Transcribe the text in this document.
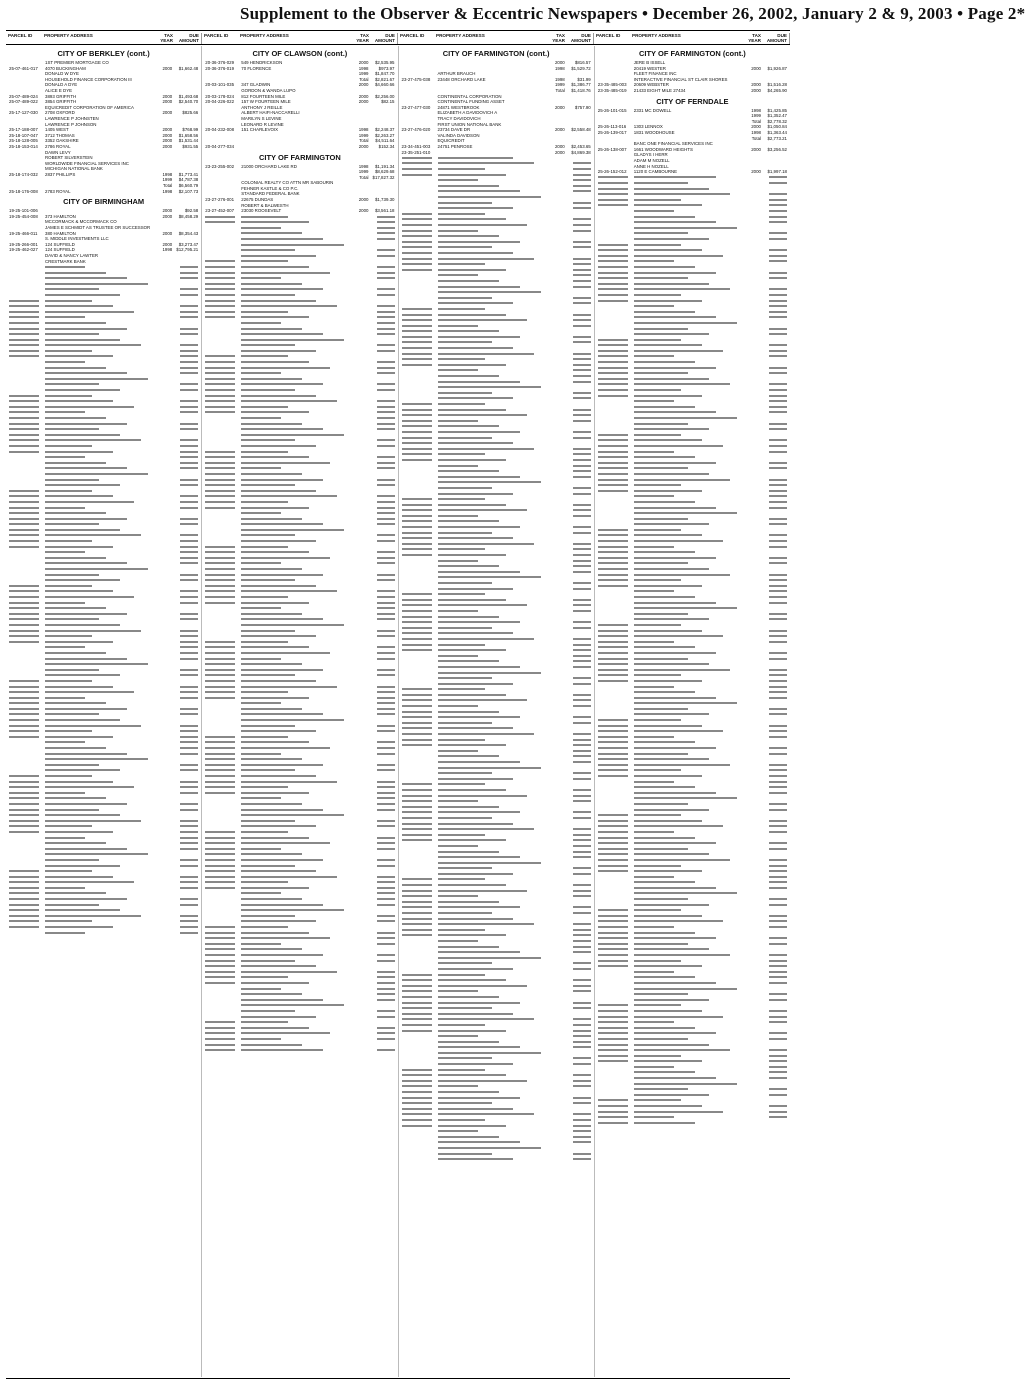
Supplement to the Observer & Eccentric Newspapers • December 26, 2002, January 2 & 9, 2003 • Page 2*
PARCEL ID	PROPERTY ADDRESS	TAX YEAR
DUE AMOUNT
PARCEL ID	PROPERTY ADDRESS	TAX YEAR
DUE AMOUNT
PARCEL ID	PROPERTY ADDRESS	TAX YEAR
DUE AMOUNT
PARCEL ID	PROPERTY ADDRESS	TAX YEAR
DUE AMOUNT
CITY OF BERKLEY (cont.)
1ST PREMIER MORTGAGE CO
25-07-461-017	4070 BUCKINGHAM	2000	$1,662.48
DONALD W DYE
HOUSEHOLD FINANCE CORPORATION III
DONALD A DYE
ALICE E DYE
25-07-489-024	3893 GRIFFITH	2000	$1,493.68
25-07-489-022	3854 GRIFFITH	2000	$2,540.70
EQUICREDIT CORPORATION OF AMERICA
25-17-127-030	2708 OXFORD	2000	$825.66
LAWRENCE P JOHNSTEN
LAWRENCE P JOHNSON
25-17-188-007	1405 WEST	2000	$768.99
25-18-107-047	3712 THOMAS	2000	$1,658.56
25-18-128-005	3352 OAKSHIRE	2000	$1,531.44
25-18-153-014	2786 ROYAL	2000	$931.55
DAWN LEVY
ROBERT SILVERSTEIN
WORLDWIDE FINANCIAL SERVICES INC
MICHIGAN NATIONAL BANK
25-18-174-032	2837 PHILLIPS	1998	$1,773.41
1999	$4,787.38
Total	$6,560.79
25-18-176-008	2783 ROYAL	1998	$2,107.73
CITY OF BIRMINGHAM
19-25-101-006	2000	$92.58
19-25-454-008	373 HAMILTON	2000	$8,458.29
MCCORMACK & MCCORMACK CO
JAMES E SCHMIDT AS TRUSTEE OR SUCCESSOR
19-25-466-011	380 HAMILTON	2000	$8,354.43
S. MIDDLE INVESTMENTS LLC
19-25-266-001	124 SUFFIELD	2000	$3,273.47
19-25-462-027	124 SUFFIELD	1998 $12,795.21
DAVID & NANCY LAWTER
CRESTMARK BANK
CITY OF CLAWSON (cont.)
20-36-376-029	549 HENDRICKSON	2000	$2,535.95
20-36-376-019	70 FLORENCE	1998	$973.97
1999	$1,847.70
Total	$2,821.67
20-03-101-035	347 GLADWIN	2000	$4,660.66
GORDON & WANDA LUPO
20-03-178-024	812 FOURTEEN MILE	2000	$2,256.00
20-04-226-022	157 W FOURTEEN MILE	2000	$82.15
ANTHONY J REILLE
ALBERT HAIFI-NACCARELLI
MARILYN S LEVINE
LEONARD R LEVINE
20-04-232-008	151 CHARLEVOIX	1998	$2,248.37
1999	$2,263.27
Total	$4,511.64
20-04-277-034	2000	$152.34
CITY OF FARMINGTON
23-23-255-002	21000 ORCHARD LAKE RD	1998	$1,191.34
1999	$8,629.68
Total $17,827.32
COLONIAL REALTY CO ATTN MR SABOURIN
FEHNER KASTLE & CO P.C.
STANDARD FEDERAL BANK
23-27-276-001	22675 DUNDAS	2000	$1,739.30
ROBERT & BALWESTH
23-27-452-007	23030 ROOSEVELT	2000	$3,561.18
CITY OF FARMINGTON (cont.)
2000	$816.57
1998	$1,529.72
ARTHUR BRAUCH
23-27-475-038	23448 ORCHARD LAKE	1998	$31.99
1999	$1,386.77
Total	$1,418.76
CONTINENTAL CORPORATION
CONTINENTAL FUNDING ASSET
23-27-477-030	24871 WESTBROOK	2000	$757.90
ELIZABETH A DAVIDOVICH A
TRACY DAVIDOVICH
FIRST UNION NATIONAL BANK
23-27-476-020	23734 DAVE DR	2000	$2,558.48
VALINDA DAVIDSON
EQUICREDIT
23-34-451-003	24751 PENROSE	2000	$2,453.65
23-35-251-010	2000	$4,869.38
CITY OF FARMINGTON (cont.)
JERE B ISSELL
20419 WESTER	2000	$1,926.87
FLEET FINANCE INC
INTERACTIVE FINANCIAL ST CLAIR SHORES
23-35-485-003	20609 WEBSTER	2000	$1,516.28
23-35-485-019	21433 EIGHT MILE 27434	2000	$4,265.90
CITY OF FERNDALE
25-26-101-015	2331 MC DOWELL	1998	$1,425.85
1999	$1,352.47
Total	$2,778.32
25-26-113-016	1303 LENNOX	2000	$1,050.84
25-26-139-017	1831 WOODHOUSE	1998	$1,363.44
Total	$2,773.21
BANC ONE FINANCIAL SERVICES INC
25-26-138-007	1661 WOODWARD HEIGHTS	2000	$3,256.52
GLADYS I HERR
ADAM M NOZELL
ANNE H NOZELL
25-26-152-012	1120 E CAMBOURNE	2000	$1,997.18
